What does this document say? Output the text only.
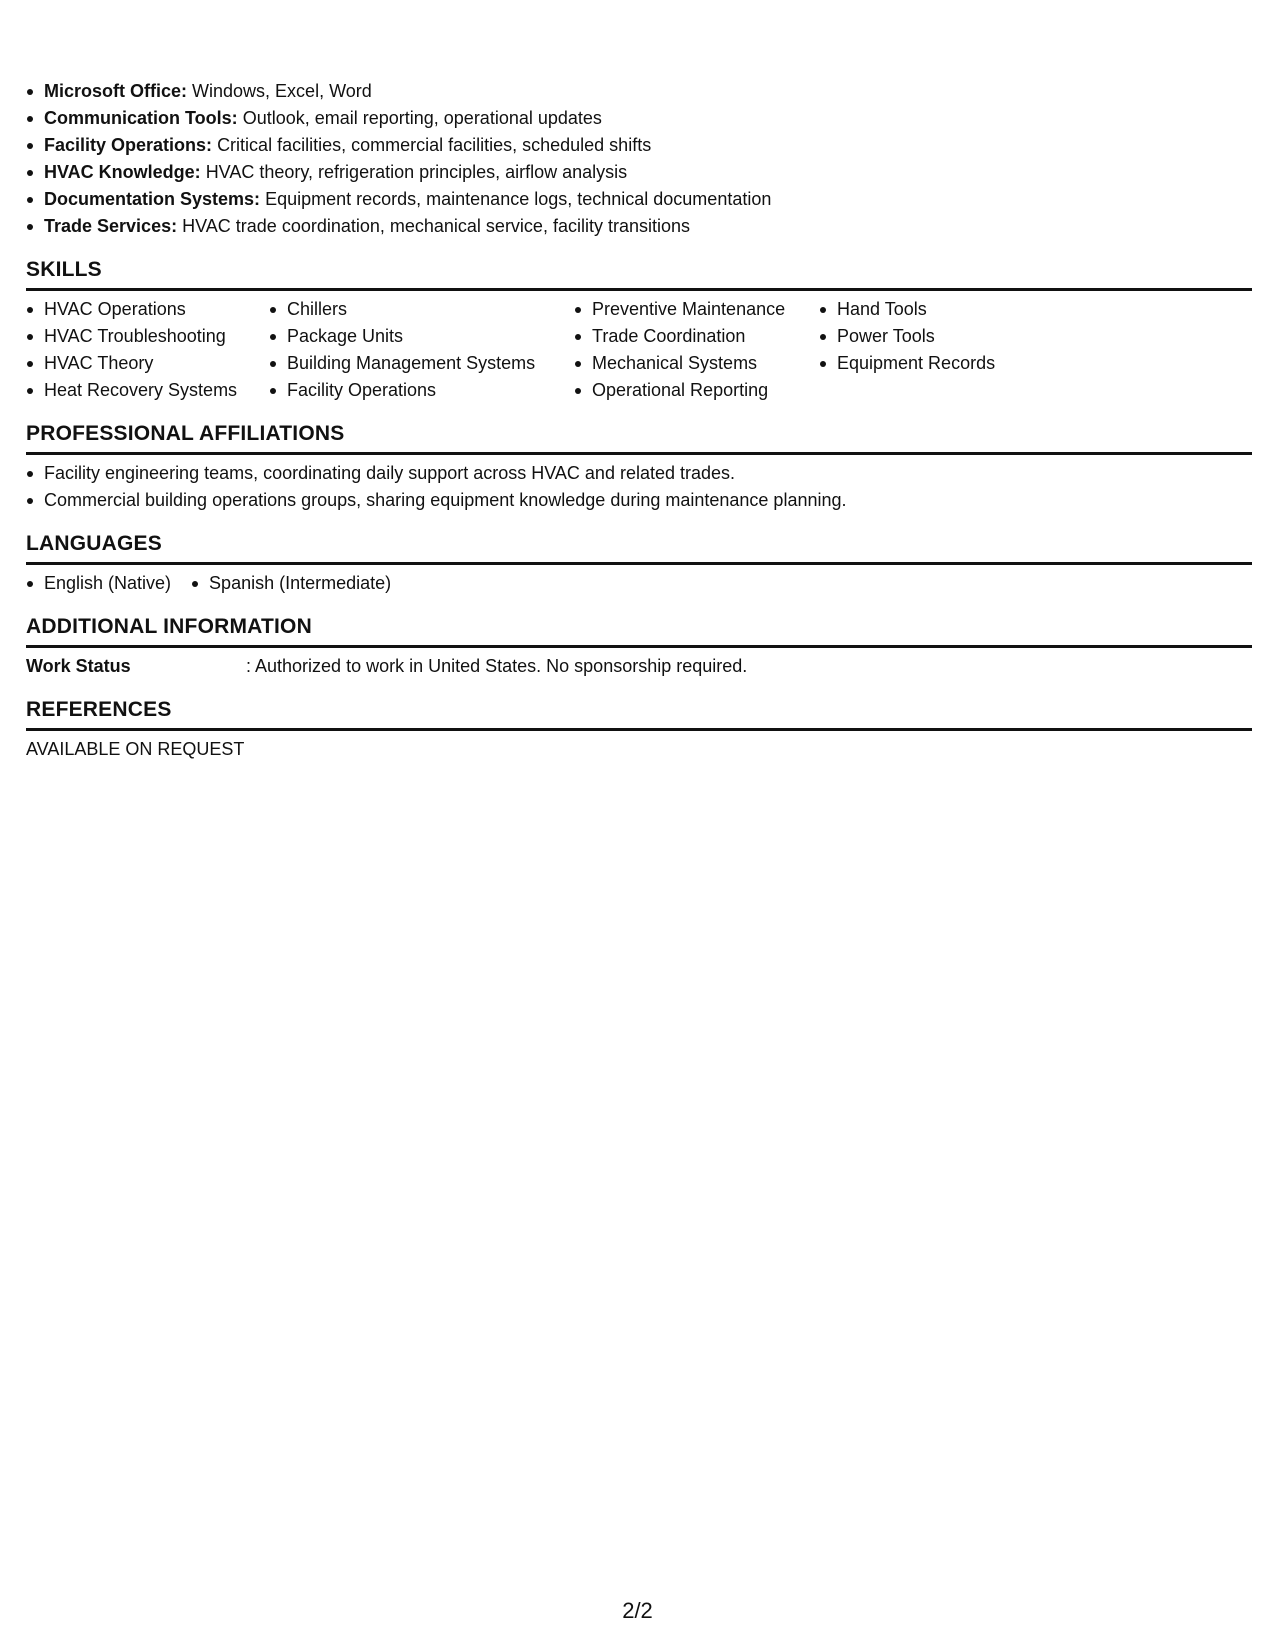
Microsoft Office: Windows, Excel, Word
Communication Tools: Outlook, email reporting, operational updates
Facility Operations: Critical facilities, commercial facilities, scheduled shifts
HVAC Knowledge: HVAC theory, refrigeration principles, airflow analysis
Documentation Systems: Equipment records, maintenance logs, technical documentation
Trade Services: HVAC trade coordination, mechanical service, facility transitions
SKILLS
HVAC Operations
HVAC Troubleshooting
HVAC Theory
Heat Recovery Systems
Chillers
Package Units
Building Management Systems
Facility Operations
Preventive Maintenance
Trade Coordination
Mechanical Systems
Operational Reporting
Hand Tools
Power Tools
Equipment Records
PROFESSIONAL AFFILIATIONS
Facility engineering teams, coordinating daily support across HVAC and related trades.
Commercial building operations groups, sharing equipment knowledge during maintenance planning.
LANGUAGES
English (Native)	Spanish (Intermediate)
ADDITIONAL INFORMATION
Work Status	: Authorized to work in United States. No sponsorship required.
REFERENCES
AVAILABLE ON REQUEST
2/2
